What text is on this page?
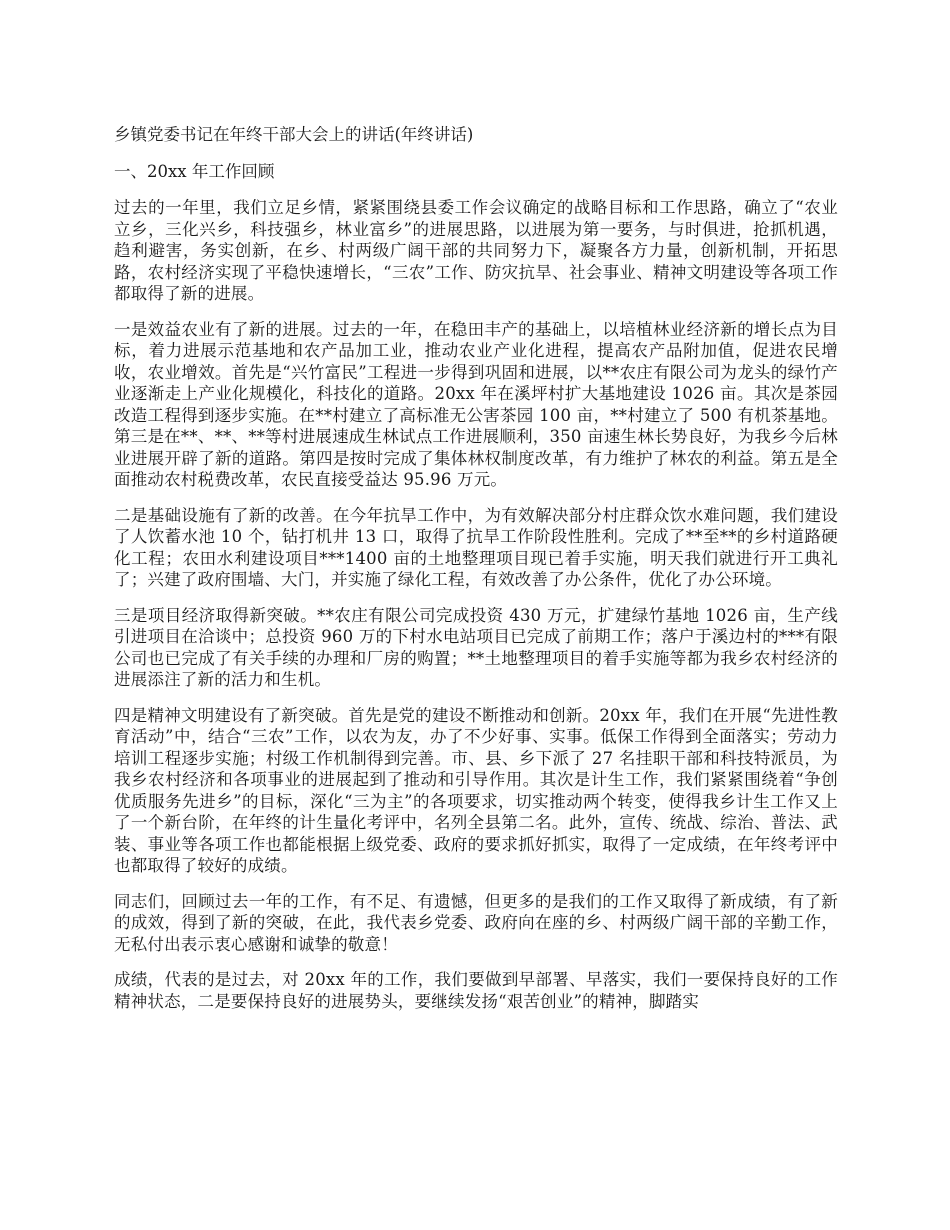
乡镇党委书记在年终干部大会上的讲话(年终讲话)
一、20xx 年工作回顾

过去的一年里，我们立足乡情，紧紧围绕县委工作会议确定的战略目标和工作思路，确立了“农业立乡，三化兴乡，科技强乡，林业富乡”的进展思路，以进展为第一要务，与时俱进，抢抓机遇，趋利避害，务实创新，在乡、村两级广阔干部的共同努力下，凝聚各方力量，创新机制，开拓思路，农村经济实现了平稳快速增长，“三农”工作、防灾抗旱、社会事业、精神文明建设等各项工作都取得了新的进展。

一是效益农业有了新的进展。过去的一年，在稳田丰产的基础上，以培植林业经济新的增长点为目标，着力进展示范基地和农产品加工业，推动农业产业化进程，提高农产品附加值，促进农民增收，农业增效。首先是“兴竹富民”工程进一步得到巩固和进展，以**农庄有限公司为龙头的绿竹产业逐渐走上产业化规模化，科技化的道路。20xx 年在溪坪村扩大基地建设 1026 亩。其次是茶园改造工程得到逐步实施。在**村建立了高标准无公害茶园 100 亩，**村建立了 500 有机茶基地。第三是在**、**、**等村进展速成生林试点工作进展顺利，350 亩速生林长势良好，为我乡今后林业进展开辟了新的道路。第四是按时完成了集体林权制度改革，有力维护了林农的利益。第五是全面推动农村税费改革，农民直接受益达 95.96 万元。

二是基础设施有了新的改善。在今年抗旱工作中，为有效解决部分村庄群众饮水难问题，我们建设了人饮蓄水池 10 个，钻打机井 13 口，取得了抗旱工作阶段性胜利。完成了**至**的乡村道路硬化工程；农田水利建设项目***1400 亩的土地整理项目现已着手实施，明天我们就进行开工典礼了；兴建了政府围墙、大门，并实施了绿化工程，有效改善了办公条件，优化了办公环境。

三是项目经济取得新突破。**农庄有限公司完成投资 430 万元，扩建绿竹基地 1026 亩，生产线引进项目在洽谈中；总投资 960 万的下村水电站项目已完成了前期工作；落户于溪边村的***有限公司也已完成了有关手续的办理和厂房的购置；**土地整理项目的着手实施等都为我乡农村经济的进展添注了新的活力和生机。

四是精神文明建设有了新突破。首先是党的建设不断推动和创新。20xx 年，我们在开展“先进性教育活动”中，结合“三农”工作，以农为友，办了不少好事、实事。低保工作得到全面落实；劳动力培训工程逐步实施；村级工作机制得到完善。市、县、乡下派了 27 名挂职干部和科技特派员，为我乡农村经济和各项事业的进展起到了推动和引导作用。其次是计生工作，我们紧紧围绕着“争创优质服务先进乡”的目标，深化“三为主”的各项要求，切实推动两个转变，使得我乡计生工作又上了一个新台阶，在年终的计生量化考评中，名列全县第二名。此外，宣传、统战、综治、普法、武装、事业等各项工作也都能根据上级党委、政府的要求抓好抓实，取得了一定成绩，在年终考评中也都取得了较好的成绩。

同志们，回顾过去一年的工作，有不足、有遗憾，但更多的是我们的工作又取得了新成绩，有了新的成效，得到了新的突破，在此，我代表乡党委、政府向在座的乡、村两级广阔干部的辛勤工作，无私付出表示衷心感谢和诚挚的敬意！

成绩，代表的是过去，对 20xx 年的工作，我们要做到早部署、早落实，我们一要保持良好的工作精神状态，二是要保持良好的进展势头，要继续发扬“艰苦创业”的精神，脚踏实
